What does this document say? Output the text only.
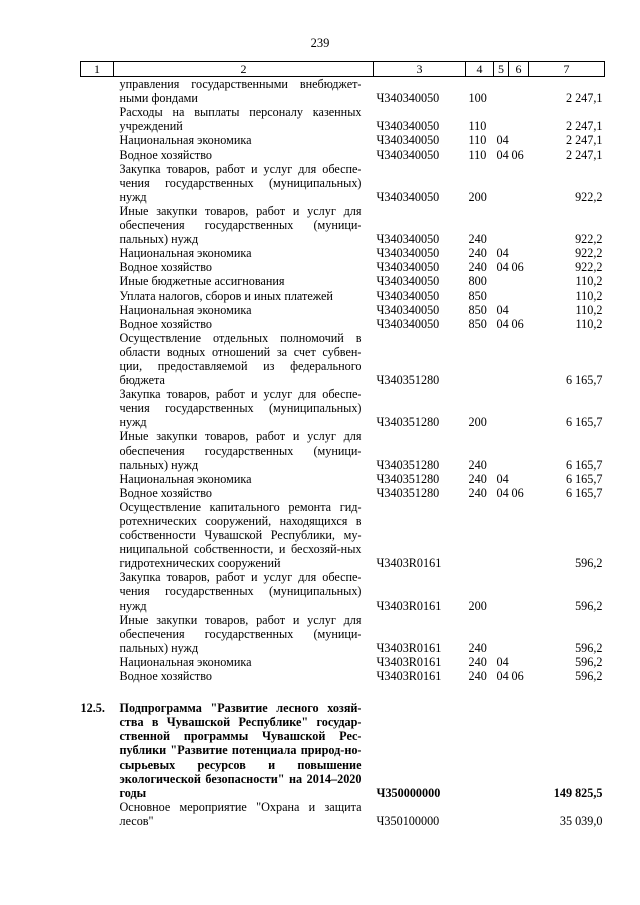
239
1	2	3	4	5	6	7
	управления государственными внебюджет-ными фондами	Ч340340050	100			2 247,1
	Расходы на выплаты персоналу казенных учреждений	Ч340340050	110			2 247,1
	Национальная экономика	Ч340340050	110	04		2 247,1
	Водное хозяйство	Ч340340050	110	04	06	2 247,1
	Закупка товаров, работ и услуг для обеспе-чения государственных (муниципальных) нужд	Ч340340050	200			922,2
	Иные закупки товаров, работ и услуг для обеспечения государственных (муници-пальных) нужд	Ч340340050	240			922,2
	Национальная экономика	Ч340340050	240	04		922,2
	Водное хозяйство	Ч340340050	240	04	06	922,2
	Иные бюджетные ассигнования	Ч340340050	800			110,2
	Уплата налогов, сборов и иных платежей	Ч340340050	850			110,2
	Национальная экономика	Ч340340050	850	04		110,2
	Водное хозяйство	Ч340340050	850	04	06	110,2
	Осуществление отдельных полномочий в области водных отношений за счет субвен-ции, предоставляемой из федерального бюджета	Ч340351280				6 165,7
	Закупка товаров, работ и услуг для обеспе-чения государственных (муниципальных) нужд	Ч340351280	200			6 165,7
	Иные закупки товаров, работ и услуг для обеспечения государственных (муници-пальных) нужд	Ч340351280	240			6 165,7
	Национальная экономика	Ч340351280	240	04		6 165,7
	Водное хозяйство	Ч340351280	240	04	06	6 165,7
	Осуществление капитального ремонта гид-ротехнических сооружений, находящихся в собственности Чувашской Республики, му-ниципальной собственности, и бесхозяй-ных гидротехнических сооружений	Ч3403R0161				596,2
	Закупка товаров, работ и услуг для обеспе-чения государственных (муниципальных) нужд	Ч3403R0161	200			596,2
	Иные закупки товаров, работ и услуг для обеспечения государственных (муници-пальных) нужд	Ч3403R0161	240			596,2
	Национальная экономика	Ч3403R0161	240	04		596,2
	Водное хозяйство	Ч3403R0161	240	04	06	596,2

12.5.	Подпрограмма "Развитие лесного хозяй-ства в Чувашской Республике" государ-ственной программы Чувашской Рес-публики "Развитие потенциала природ-но-сырьевых ресурсов и повышение экологической безопасности" на 2014–2020 годы	Ч350000000				149 825,5
	Основное мероприятие "Охрана и защита лесов"	Ч350100000				35 039,0
